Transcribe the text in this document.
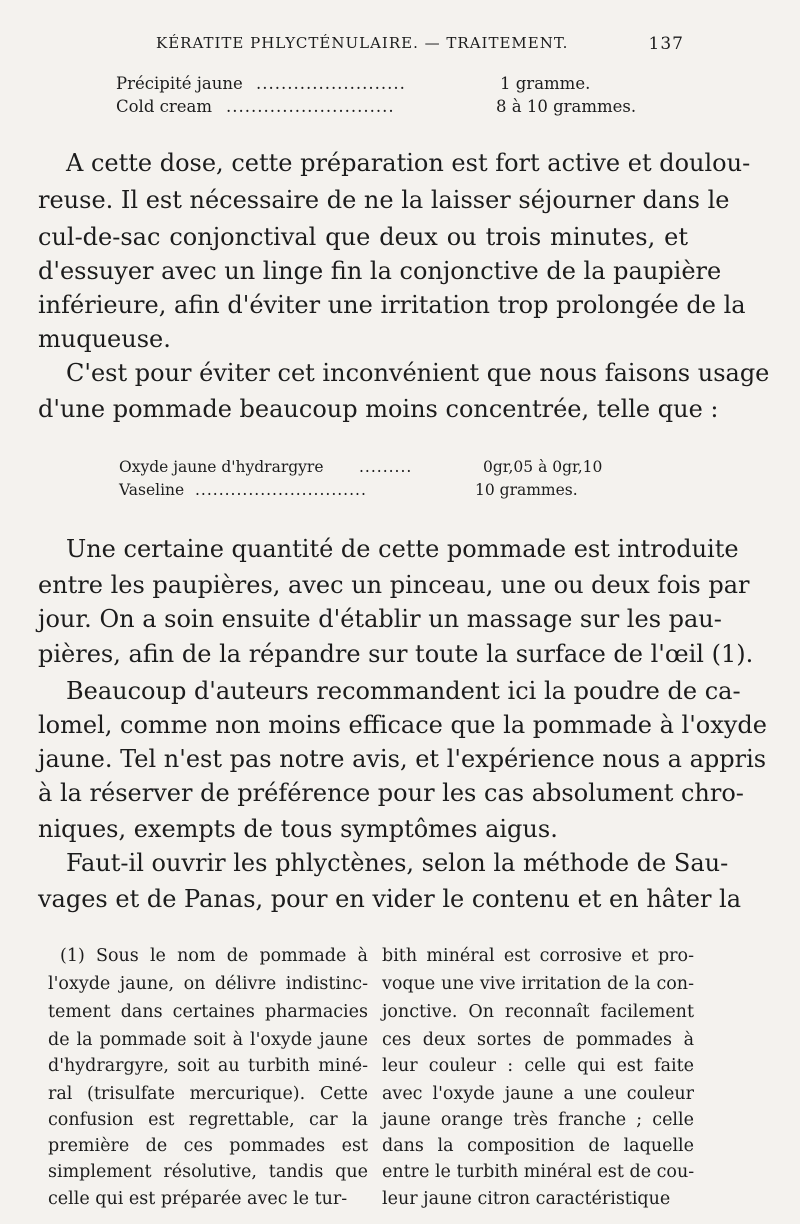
KÉRATITE PHLYCTÉNULAIRE. — TRAITEMENT.	137
Précipité jaune ........................	1 gramme.
Cold cream ...........................	8 à 10 grammes.
A cette dose, cette préparation est fort active et doulou-
reuse. Il est nécessaire de ne la laisser séjourner dans le
cul-de-sac conjonctival que deux ou trois minutes, et
d'essuyer avec un linge fin la conjonctive de la paupière
inférieure, afin d'éviter une irritation trop prolongée de la
muqueuse.
C'est pour éviter cet inconvénient que nous faisons usage
d'une pommade beaucoup moins concentrée, telle que :
Oxyde jaune d'hydrargyre .........	0gr,05 à 0gr,10
Vaseline .............................	10 grammes.
Une certaine quantité de cette pommade est introduite
entre les paupières, avec un pinceau, une ou deux fois par
jour. On a soin ensuite d'établir un massage sur les pau-
pières, afin de la répandre sur toute la surface de l'œil (1).
Beaucoup d'auteurs recommandent ici la poudre de ca-
lomel, comme non moins efficace que la pommade à l'oxyde
jaune. Tel n'est pas notre avis, et l'expérience nous a appris
à la réserver de préférence pour les cas absolument chro-
niques, exempts de tous symptômes aigus.
Faut-il ouvrir les phlyctènes, selon la méthode de Sau-
vages et de Panas, pour en vider le contenu et en hâter la
(1) Sous le nom de pommade à
l'oxyde jaune, on délivre indistinc-
tement dans certaines pharmacies
de la pommade soit à l'oxyde jaune
d'hydrargyre, soit au turbith miné-
ral (trisulfate mercurique). Cette
confusion est regrettable, car la
première de ces pommades est
simplement résolutive, tandis que
celle qui est préparée avec le tur-
bith minéral est corrosive et pro-
voque une vive irritation de la con-
jonctive. On reconnaît facilement
ces deux sortes de pommades à
leur couleur : celle qui est faite
avec l'oxyde jaune a une couleur
jaune orange très franche ; celle
dans la composition de laquelle
entre le turbith minéral est de cou-
leur jaune citron caractéristique
